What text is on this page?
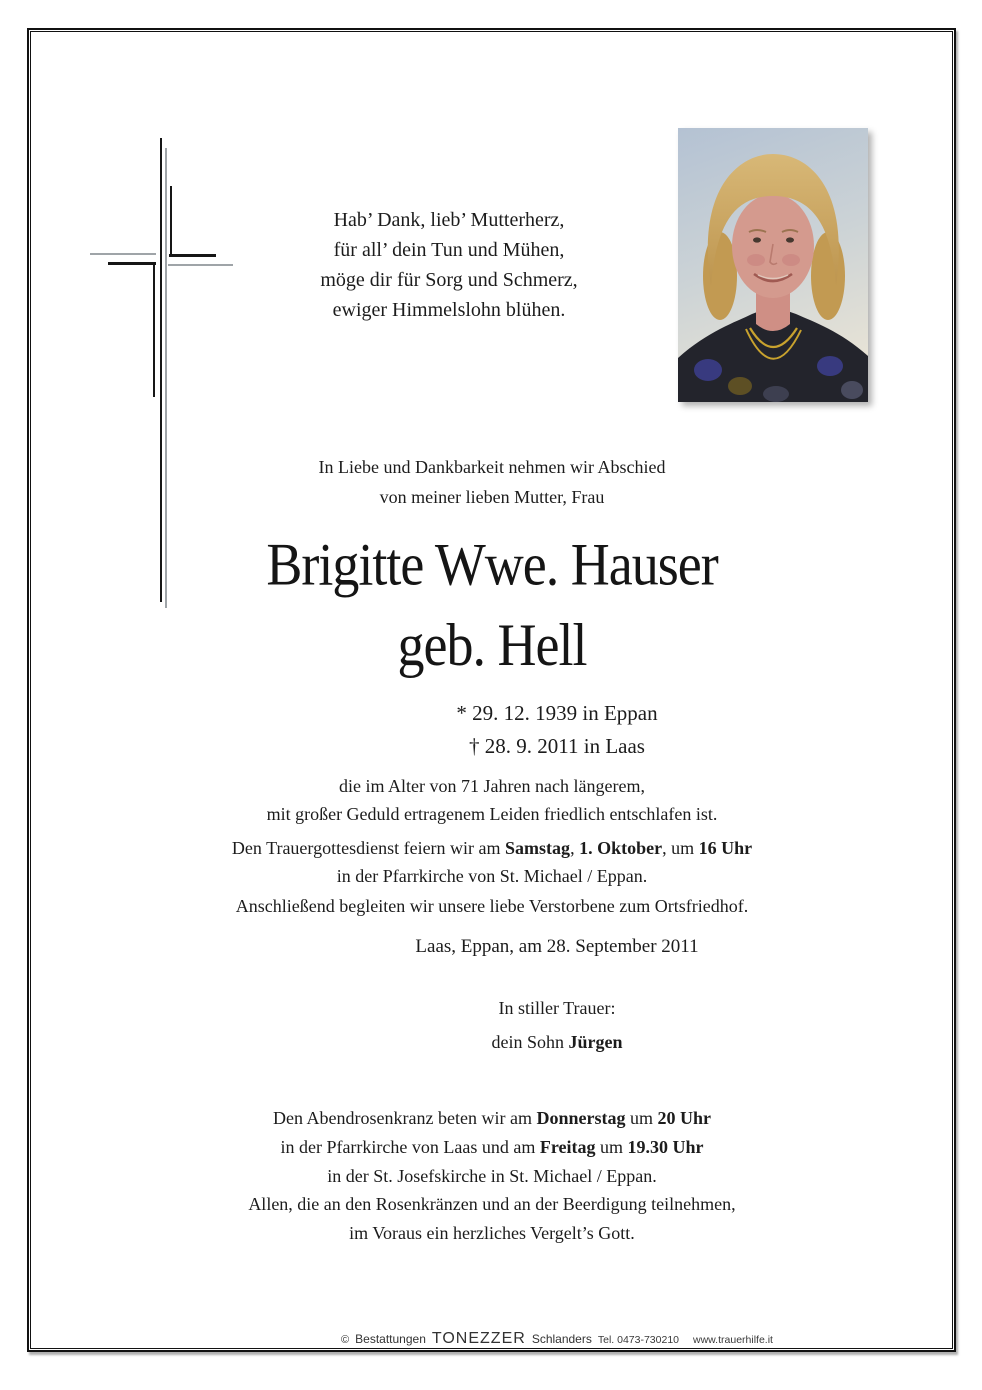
Hab’ Dank, lieb’ Mutterherz,
für all’ dein Tun und Mühen,
möge dir für Sorg und Schmerz,
ewiger Himmelslohn blühen.
In Liebe und Dankbarkeit nehmen wir Abschied
von meiner lieben Mutter, Frau
Brigitte Wwe. Hauser
geb. Hell
* 29. 12. 1939 in Eppan
† 28. 9. 2011 in Laas
die im Alter von 71 Jahren nach längerem,
mit großer Geduld ertragenem Leiden friedlich entschlafen ist.
Den Trauergottesdienst feiern wir am Samstag, 1. Oktober, um 16 Uhr
in der Pfarrkirche von St. Michael / Eppan.
Anschließend begleiten wir unsere liebe Verstorbene zum Ortsfriedhof.
Laas, Eppan, am 28. September 2011
In stiller Trauer:
dein Sohn Jürgen
Den Abendrosenkranz beten wir am Donnerstag um 20 Uhr
in der Pfarrkirche von Laas und am Freitag um 19.30 Uhr
in der St. Josefskirche in St. Michael / Eppan.
Allen, die an den Rosenkränzen und an der Beerdigung teilnehmen,
im Voraus ein herzliches Vergelt’s Gott.
© Bestattungen TONEZZER Schlanders Tel. 0473-730210 www.trauerhilfe.it
